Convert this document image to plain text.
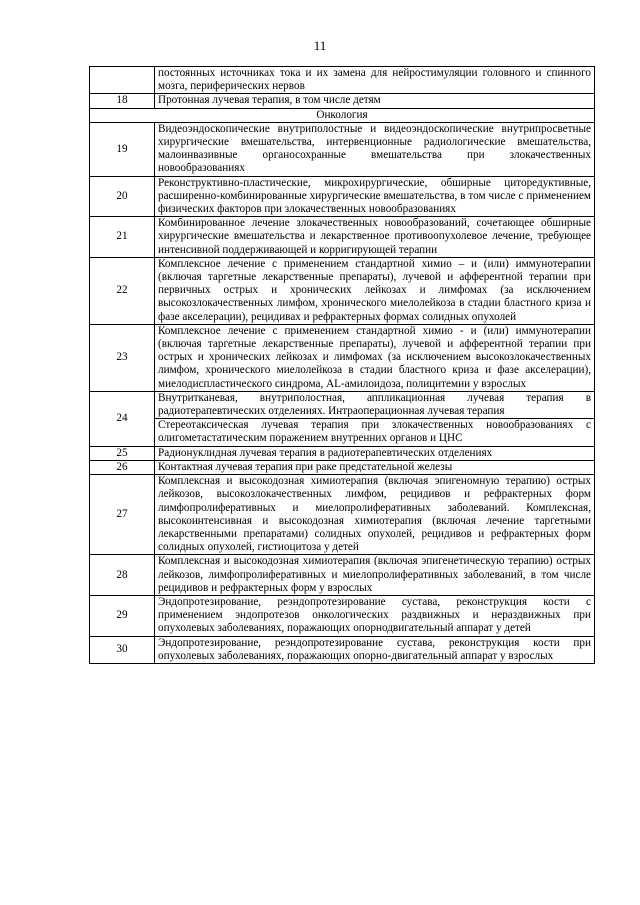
11
	постоянных источниках тока и их замена для нейростимуляции головного и спинного мозга, периферических нервов
18	Протонная лучевая терапия, в том числе детям
Онкология	
19	Видеоэндоскопические внутриполостные и видеоэндоскопические внутрипросветные хирургические вмешательства, интервенционные радиологические вмешательства, малоинвазивные органосохранные вмешательства при злокачественных новообразованиях
20	Реконструктивно-пластические, микрохирургические, обширные циторедуктивные, расширенно-комбинированные хирургические вмешательства, в том числе с применением физических факторов при злокачественных новообразованиях
21	Комбинированное лечение злокачественных новообразований, сочетающее обширные хирургические вмешательства и лекарственное противоопухолевое лечение, требующее интенсивной поддерживающей и корригирующей терапии
22	Комплексное лечение с применением стандартной химио – и (или) иммунотерапии (включая таргетные лекарственные препараты), лучевой и афферентной терапии при первичных острых и хронических лейкозах и лимфомах (за исключением высокозлокачественных лимфом, хронического миелолейкоза в стадии бластного криза и фазе акселерации), рецидивах и рефрактерных формах солидных опухолей
23	Комплексное лечение с применением стандартной химио - и (или) иммунотерапии (включая таргетные лекарственные препараты), лучевой и афферентной терапии при острых и хронических лейкозах и лимфомах (за исключением высокозлокачественных лимфом, хронического миелолейкоза в стадии бластного криза и фазе акселерации), миелодиспластического синдрома, AL-амилоидоза, полицитемии у взрослых
24	Внутритканевая, внутриполостная, аппликационная лучевая терапия в радиотерапевтических отделениях. Интраоперационная лучевая терапия
	Стереотаксическая лучевая терапия при злокачественных новообразованиях с олигометастатическим поражением внутренних органов и ЦНС
25	Радионуклидная лучевая терапия в радиотерапевтических отделениях
26	Контактная лучевая терапия при раке предстательной железы
27	Комплексная и высокодозная химиотерапия (включая эпигеномную терапию) острых лейкозов, высокозлокачественных лимфом, рецидивов и рефрактерных форм лимфопролиферативных и миелопролиферативных заболеваний. Комплексная, высокоинтенсивная и высокодозная химиотерапия (включая лечение таргетными лекарственными препаратами) солидных опухолей, рецидивов и рефрактерных форм солидных опухолей, гистиоцитоза у детей
28	Комплексная и высокодозная химиотерапия (включая эпигенетическую терапию) острых лейкозов, лимфопролиферативных и миелопролиферативных заболеваний, в том числе рецидивов и рефрактерных форм у взрослых
29	Эндопротезирование, реэндопротезирование сустава, реконструкция кости с применением эндопротезов онкологических раздвижных и нераздвижных при опухолевых заболеваниях, поражающих опорнодвигательный аппарат у детей
30	Эндопротезирование, реэндопротезирование сустава, реконструкция кости при опухолевых заболеваниях, поражающих опорно-двигательный аппарат у взрослых
